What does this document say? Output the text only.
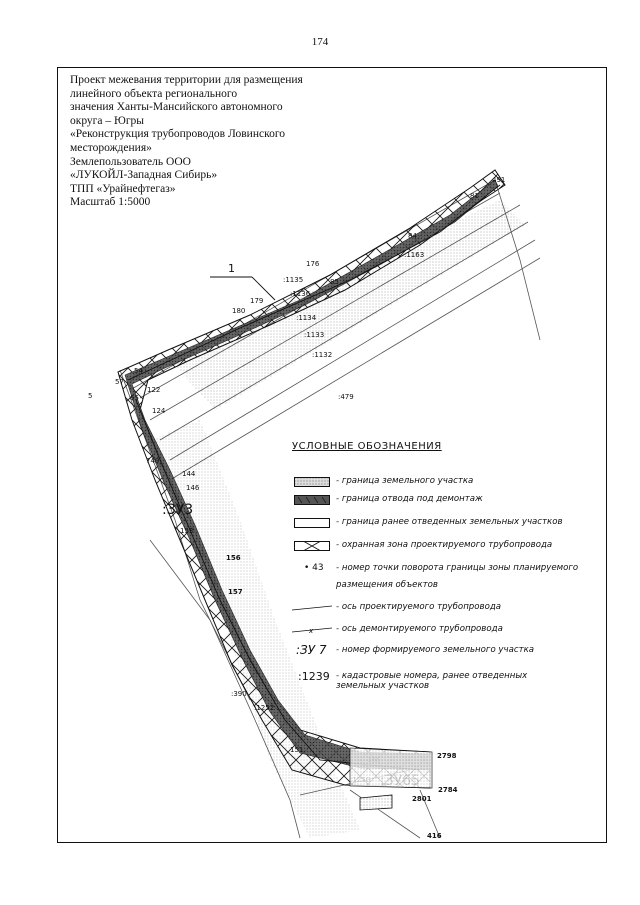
174
Проект межевания территории для размещения
линейного объекта регионального
значения Ханты-Мансийского автономного
округа – Югры
«Реконструкция трубопроводов Ловинского
месторождения»
Землепользователь ООО
«ЛУКОЙЛ-Западная Сибирь»
ТПП «Урайнефтегаз»
Масштаб 1:5000
1
491
81
:1163
84
176
:1135	85
:1136
179
180
:1134
:1133
:1132
:479
54
57
122
65
5
124
740
144
146
:ЗУ3
153
156
157
:390
:1252
151
2798
2784
2801
416
УСЛОВНЫЕ ОБОЗНАЧЕНИЯ
- граница земельного участка
- граница отвода под демонтаж
- граница ранее отведенных земельных участков
- охранная зона проектируемого трубопровода
• 43 - номер точки поворота границы зоны планируемого
размещения объектов
- ось проектируемого трубопровода
x	- ось демонтируемого трубопровода
:ЗУ 7 - номер формируемого земельного участка
:1239 - кадастровые номера, ранее отведенных
земельных участков
